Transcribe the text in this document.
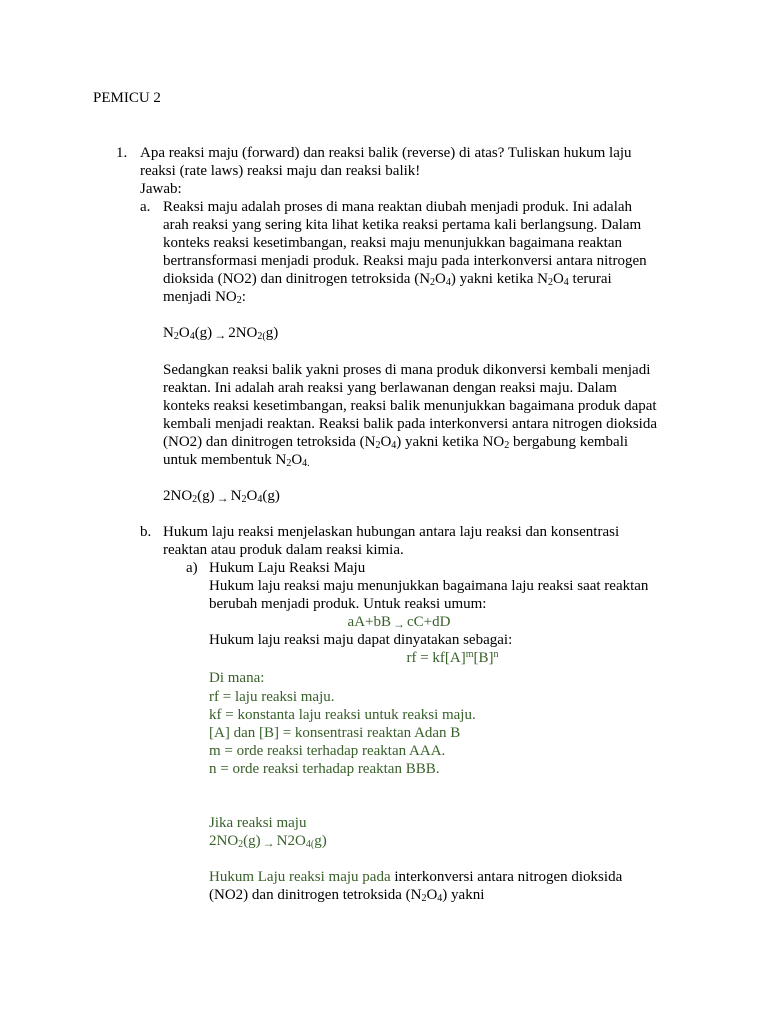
PEMICU 2
1. Apa reaksi maju (forward) dan reaksi balik (reverse) di atas? Tuliskan hukum laju
reaksi (rate laws) reaksi maju dan reaksi balik!
Jawab:
a. Reaksi maju adalah proses di mana reaktan diubah menjadi produk. Ini adalah
arah reaksi yang sering kita lihat ketika reaksi pertama kali berlangsung. Dalam
konteks reaksi kesetimbangan, reaksi maju menunjukkan bagaimana reaktan
bertransformasi menjadi produk. Reaksi maju pada interkonversi antara nitrogen
dioksida (NO2) dan dinitrogen tetroksida $(N_2O_4)$ yakni ketika $N_2O_4$ terurai
menjadi $NO_2$:
$N_2O_4(g) \to 2NO_{2(}g$)
Sedangkan reaksi balik yakni proses di mana produk dikonversi kembali menjadi
reaktan. Ini adalah arah reaksi yang berlawanan dengan reaksi maju. Dalam
konteks reaksi kesetimbangan, reaksi balik menunjukkan bagaimana produk dapat
kembali menjadi reaktan. Reaksi balik pada interkonversi antara nitrogen dioksida
(NO2) dan dinitrogen tetroksida $(N_2O_4)$ yakni ketika $NO_2$ bergabung kembali
untuk membentuk $N_2O_{4.}$
$2NO_2(g) \to N_2O_4(g)$
b. Hukum laju reaksi menjelaskan hubungan antara laju reaksi dan konsentrasi
reaktan atau produk dalam reaksi kimia.
a) Hukum Laju Reaksi Maju
Hukum laju reaksi maju menunjukkan bagaimana laju reaksi saat reaktan
berubah menjadi produk. Untuk reaksi umum:
aA+bB → cC+dD
Hukum laju reaksi maju dapat dinyatakan sebagai:
rf = $kf[A]^m[B]^n$
Di mana:
rf = laju reaksi maju.
kf = konstanta laju reaksi untuk reaksi maju.
[A] dan [B] = konsentrasi reaktan Adan B
m = orde reaksi terhadap reaktan AAA.
n = orde reaksi terhadap reaktan BBB.
Jika reaksi maju
$2NO_2(g) \to N2O_{4(}g$)
Hukum Laju reaksi maju pada interkonversi antara nitrogen dioksida
(NO2) dan dinitrogen tetroksida $(N_2O_4)$ yakni
